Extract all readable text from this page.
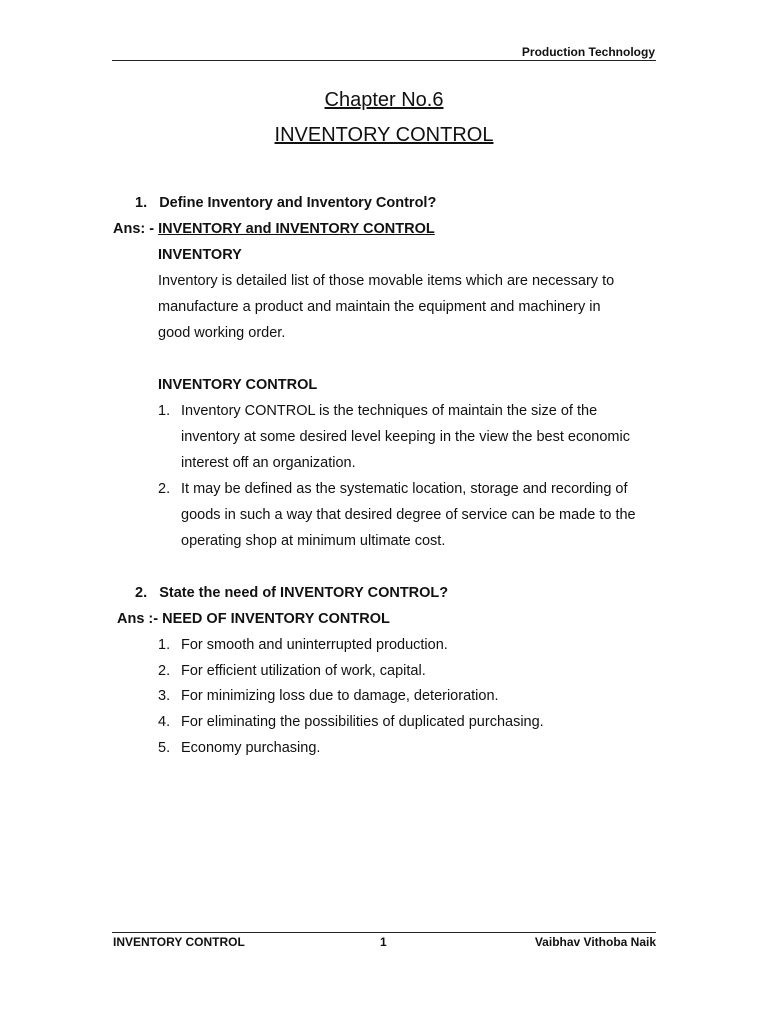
Production Technology
Chapter No.6
INVENTORY CONTROL
1. Define Inventory and Inventory Control?
Ans: - INVENTORY and INVENTORY CONTROL
INVENTORY
Inventory is detailed list of those movable items which are necessary to
manufacture a product and maintain the equipment and machinery in
good working order.
INVENTORY CONTROL
1. Inventory CONTROL is the techniques of maintain the size of the
inventory at some desired level keeping in the view the best economic
interest off an organization.
2. It may be defined as the systematic location, storage and recording of
goods in such a way that desired degree of service can be made to the
operating shop at minimum ultimate cost.
2. State the need of INVENTORY CONTROL?
Ans :- NEED OF INVENTORY CONTROL
1. For smooth and uninterrupted production.
2. For efficient utilization of work, capital.
3. For minimizing loss due to damage, deterioration.
4. For eliminating the possibilities of duplicated purchasing.
5. Economy purchasing.
INVENTORY CONTROL	1	Vaibhav Vithoba Naik
